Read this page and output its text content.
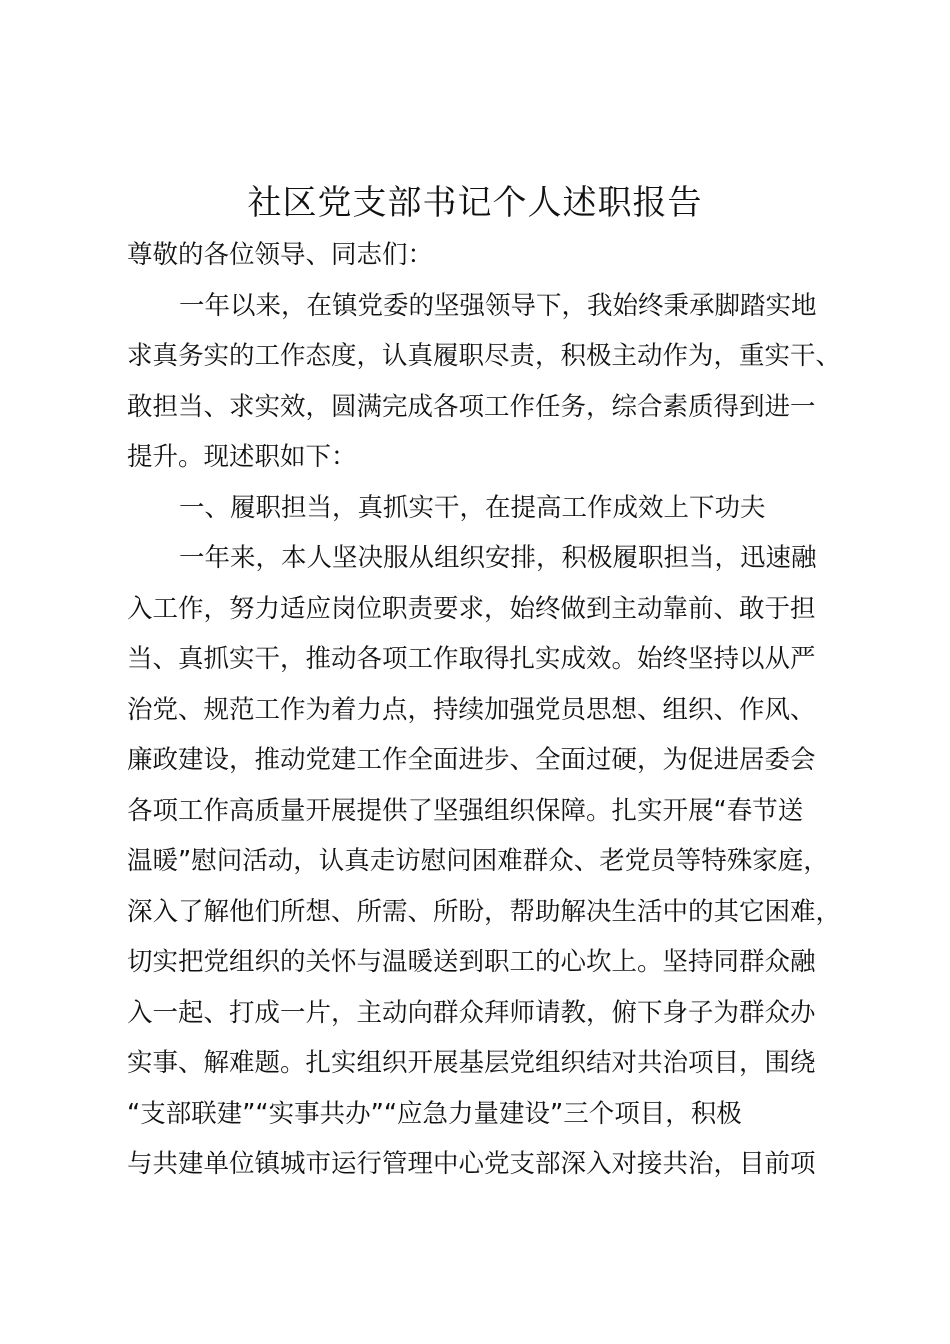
社区党支部书记个人述职报告
尊敬的各位领导、同志们：
一年以来，在镇党委的坚强领导下，我始终秉承脚踏实地
求真务实的工作态度，认真履职尽责，积极主动作为，重实干、
敢担当、求实效，圆满完成各项工作任务，综合素质得到进一
提升。现述职如下：
一、履职担当，真抓实干，在提高工作成效上下功夫
一年来，本人坚决服从组织安排，积极履职担当，迅速融
入工作，努力适应岗位职责要求，始终做到主动靠前、敢于担
当、真抓实干，推动各项工作取得扎实成效。始终坚持以从严
治党、规范工作为着力点，持续加强党员思想、组织、作风、
廉政建设，推动党建工作全面进步、全面过硬，为促进居委会
各项工作高质量开展提供了坚强组织保障。扎实开展“春节送
温暖”慰问活动，认真走访慰问困难群众、老党员等特殊家庭，
深入了解他们所想、所需、所盼，帮助解决生活中的其它困难，
切实把党组织的关怀与温暖送到职工的心坎上。坚持同群众融
入一起、打成一片，主动向群众拜师请教，俯下身子为群众办
实事、解难题。扎实组织开展基层党组织结对共治项目，围绕
“支部联建”“实事共办”“应急力量建设”三个项目，积极
与共建单位镇城市运行管理中心党支部深入对接共治，目前项
